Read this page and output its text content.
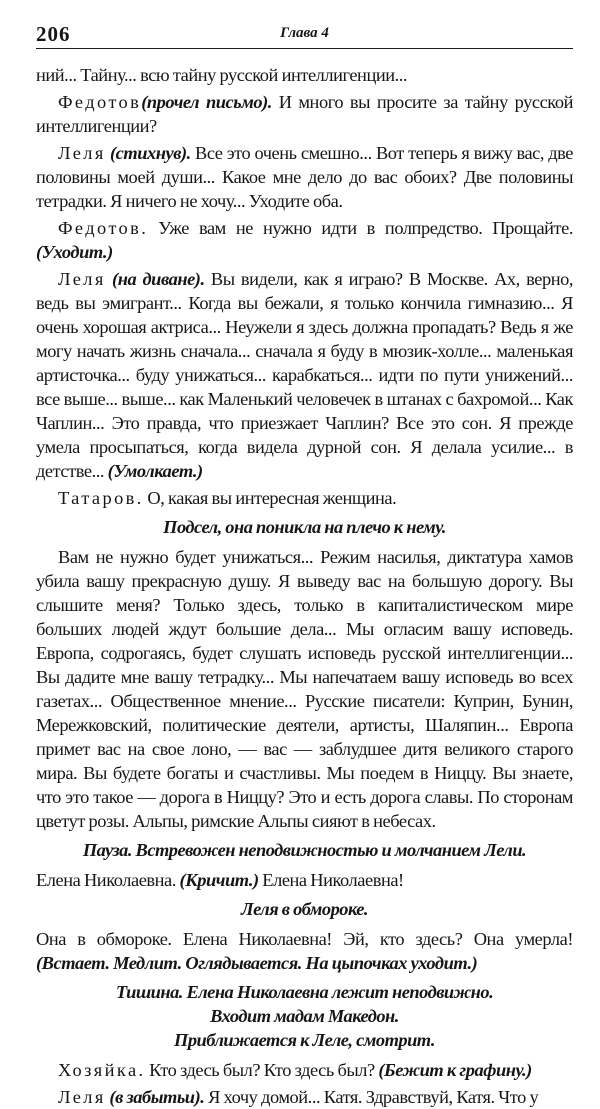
206	Глава 4

ний... Тайну... всю тайну русской интеллигенции...

Федотов(прочел письмо). И много вы просите за тайну русской интеллигенции?

Леля (стихнув). Все это очень смешно... Вот теперь я вижу вас, две половины моей души... Какое мне дело до вас обоих? Две половины тетрадки. Я ничего не хочу... Уходите оба.

Федотов. Уже вам не нужно идти в полпредство. Прощайте. (Уходит.)

Леля (на диване). Вы видели, как я играю? В Москве. Ах, верно, ведь вы эмигрант... Когда вы бежали, я только кончила гимназию... Я очень хорошая актриса... Неужели я здесь должна пропадать? Ведь я же могу начать жизнь сначала... сначала я буду в мюзик-холле... маленькая артисточка... буду унижаться... карабкаться... идти по пути унижений... все выше... выше... как Маленький человечек в штанах с бахромой... Как Чаплин... Это правда, что приезжает Чаплин? Все это сон. Я прежде умела просыпаться, когда видела дурной сон. Я делала усилие... в детстве... (Умолкает.)

Татаров. О, какая вы интересная женщина.

Подсел, она поникла на плечо к нему.

Вам не нужно будет унижаться... Режим насилья, диктатура хамов убила вашу прекрасную душу. Я выведу вас на большую дорогу. Вы слышите меня? Только здесь, только в капиталистическом мире больших людей ждут большие дела... Мы огласим вашу исповедь. Европа, содрогаясь, будет слушать исповедь русской интеллигенции... Вы дадите мне вашу тетрадку... Мы напечатаем вашу исповедь во всех газетах... Общественное мнение... Русские писатели: Куприн, Бунин, Мережковский, политические деятели, артисты, Шаляпин... Европа примет вас на свое лоно, — вас — заблудшее дитя великого старого мира. Вы будете богаты и счастливы. Мы поедем в Ниццу. Вы знаете, что это такое — дорога в Ниццу? Это и есть дорога славы. По сторонам цветут розы. Альпы, римские Альпы сияют в небесах.

Пауза. Встревожен неподвижностью и молчанием Лели.

Елена Николаевна. (Кричит.) Елена Николаевна!

Леля в обмороке.

Она в обмороке. Елена Николаевна! Эй, кто здесь? Она умерла! (Встает. Медлит. Оглядывается. На цыпочках уходит.)

Тишина. Елена Николаевна лежит неподвижно.
Входит мадам Македон.
Приближается к Леле, смотрит.

Хозяйка. Кто здесь был? Кто здесь был? (Бежит к графину.)

Леля (в забытьи). Я хочу домой... Катя. Здравствуй, Катя. Что у
